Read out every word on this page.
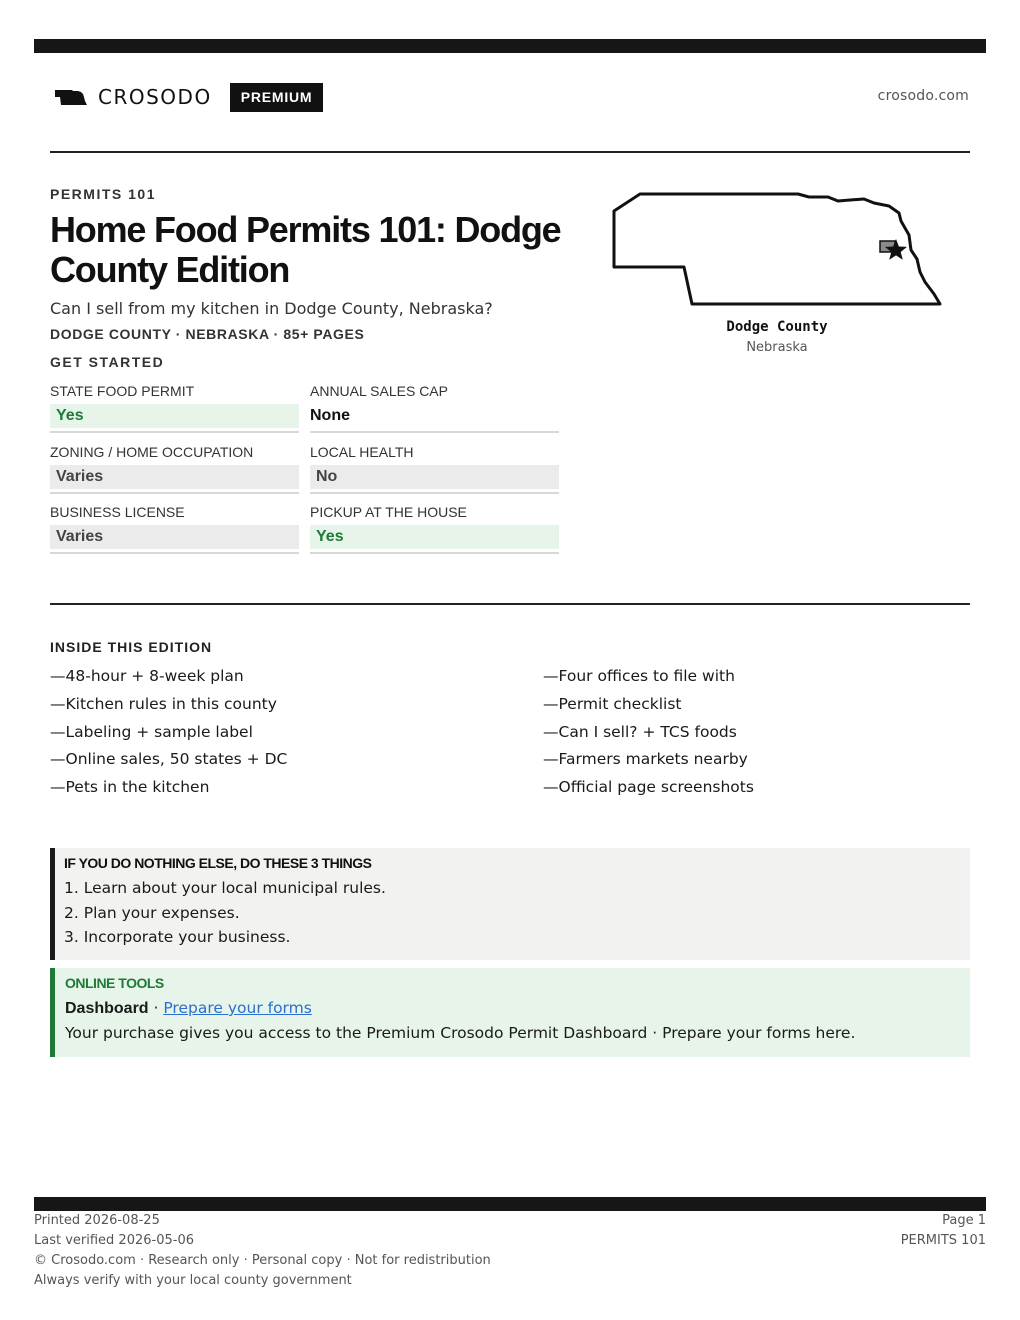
CROSODO	PREMIUM	crosodo.com
PERMITS 101
Home Food Permits 101: Dodge County Edition
Can I sell from my kitchen in Dodge County, Nebraska?
DODGE COUNTY · NEBRASKA · 85+ PAGES
GET STARTED
STATE FOOD PERMIT
Yes
ANNUAL SALES CAP
None
ZONING / HOME OCCUPATION
Varies
LOCAL HEALTH
No
BUSINESS LICENSE
Varies
PICKUP AT THE HOUSE
Yes
Dodge County
Nebraska
INSIDE THIS EDITION
—48-hour + 8-week plan
—Kitchen rules in this county
—Labeling + sample label
—Online sales, 50 states + DC
—Pets in the kitchen
—Four offices to file with
—Permit checklist
—Can I sell? + TCS foods
—Farmers markets nearby
—Official page screenshots
IF YOU DO NOTHING ELSE, DO THESE 3 THINGS
1. Learn about your local municipal rules.
2. Plan your expenses.
3. Incorporate your business.
ONLINE TOOLS
Dashboard · Prepare your forms
Your purchase gives you access to the Premium Crosodo Permit Dashboard · Prepare your forms here.
Printed 2026-08-25
Last verified 2026-05-06
© Crosodo.com · Research only · Personal copy · Not for redistribution
Always verify with your local county government
Page 1
PERMITS 101
